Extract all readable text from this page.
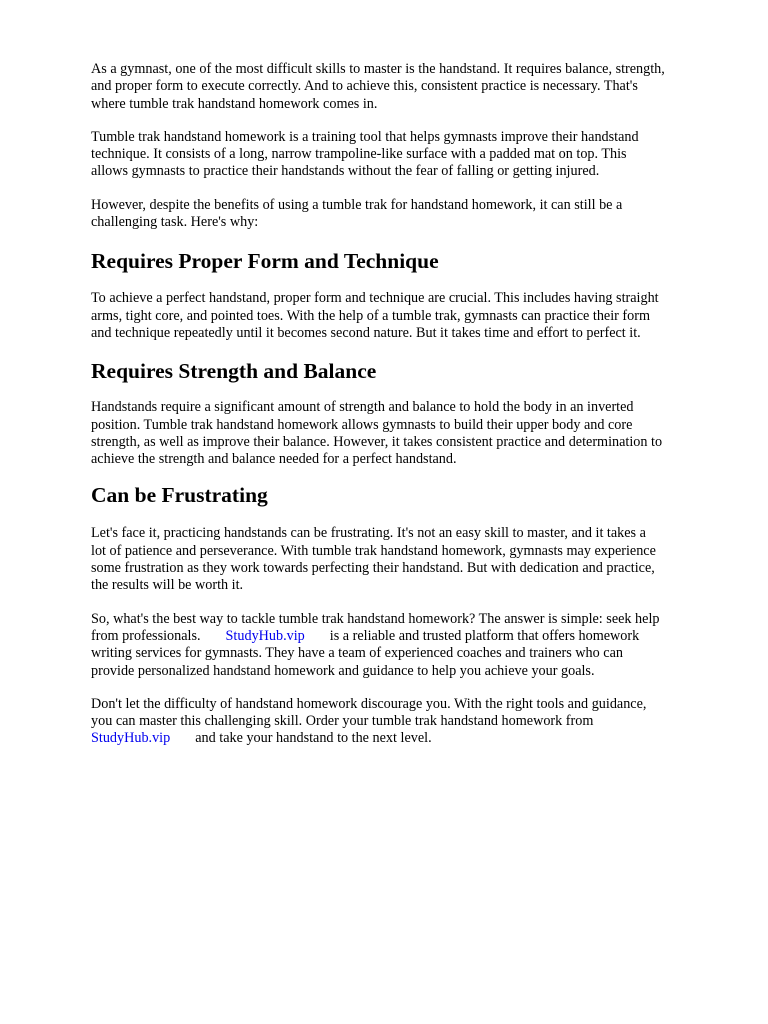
As a gymnast, one of the most difficult skills to master is the handstand. It requires balance, strength,
and proper form to execute correctly. And to achieve this, consistent practice is necessary. That's
where tumble trak handstand homework comes in.

Tumble trak handstand homework is a training tool that helps gymnasts improve their handstand
technique. It consists of a long, narrow trampoline-like surface with a padded mat on top. This
allows gymnasts to practice their handstands without the fear of falling or getting injured.

However, despite the benefits of using a tumble trak for handstand homework, it can still be a
challenging task. Here's why:

Requires Proper Form and Technique

To achieve a perfect handstand, proper form and technique are crucial. This includes having straight
arms, tight core, and pointed toes. With the help of a tumble trak, gymnasts can practice their form
and technique repeatedly until it becomes second nature. But it takes time and effort to perfect it.

Requires Strength and Balance

Handstands require a significant amount of strength and balance to hold the body in an inverted
position. Tumble trak handstand homework allows gymnasts to build their upper body and core
strength, as well as improve their balance. However, it takes consistent practice and determination to
achieve the strength and balance needed for a perfect handstand.

Can be Frustrating

Let's face it, practicing handstands can be frustrating. It's not an easy skill to master, and it takes a
lot of patience and perseverance. With tumble trak handstand homework, gymnasts may experience
some frustration as they work towards perfecting their handstand. But with dedication and practice,
the results will be worth it.

So, what's the best way to tackle tumble trak handstand homework? The answer is simple: seek help
from professionals. StudyHub.vip is a reliable and trusted platform that offers homework
writing services for gymnasts. They have a team of experienced coaches and trainers who can
provide personalized handstand homework and guidance to help you achieve your goals.

Don't let the difficulty of handstand homework discourage you. With the right tools and guidance,
you can master this challenging skill. Order your tumble trak handstand homework from
StudyHub.vip and take your handstand to the next level.
